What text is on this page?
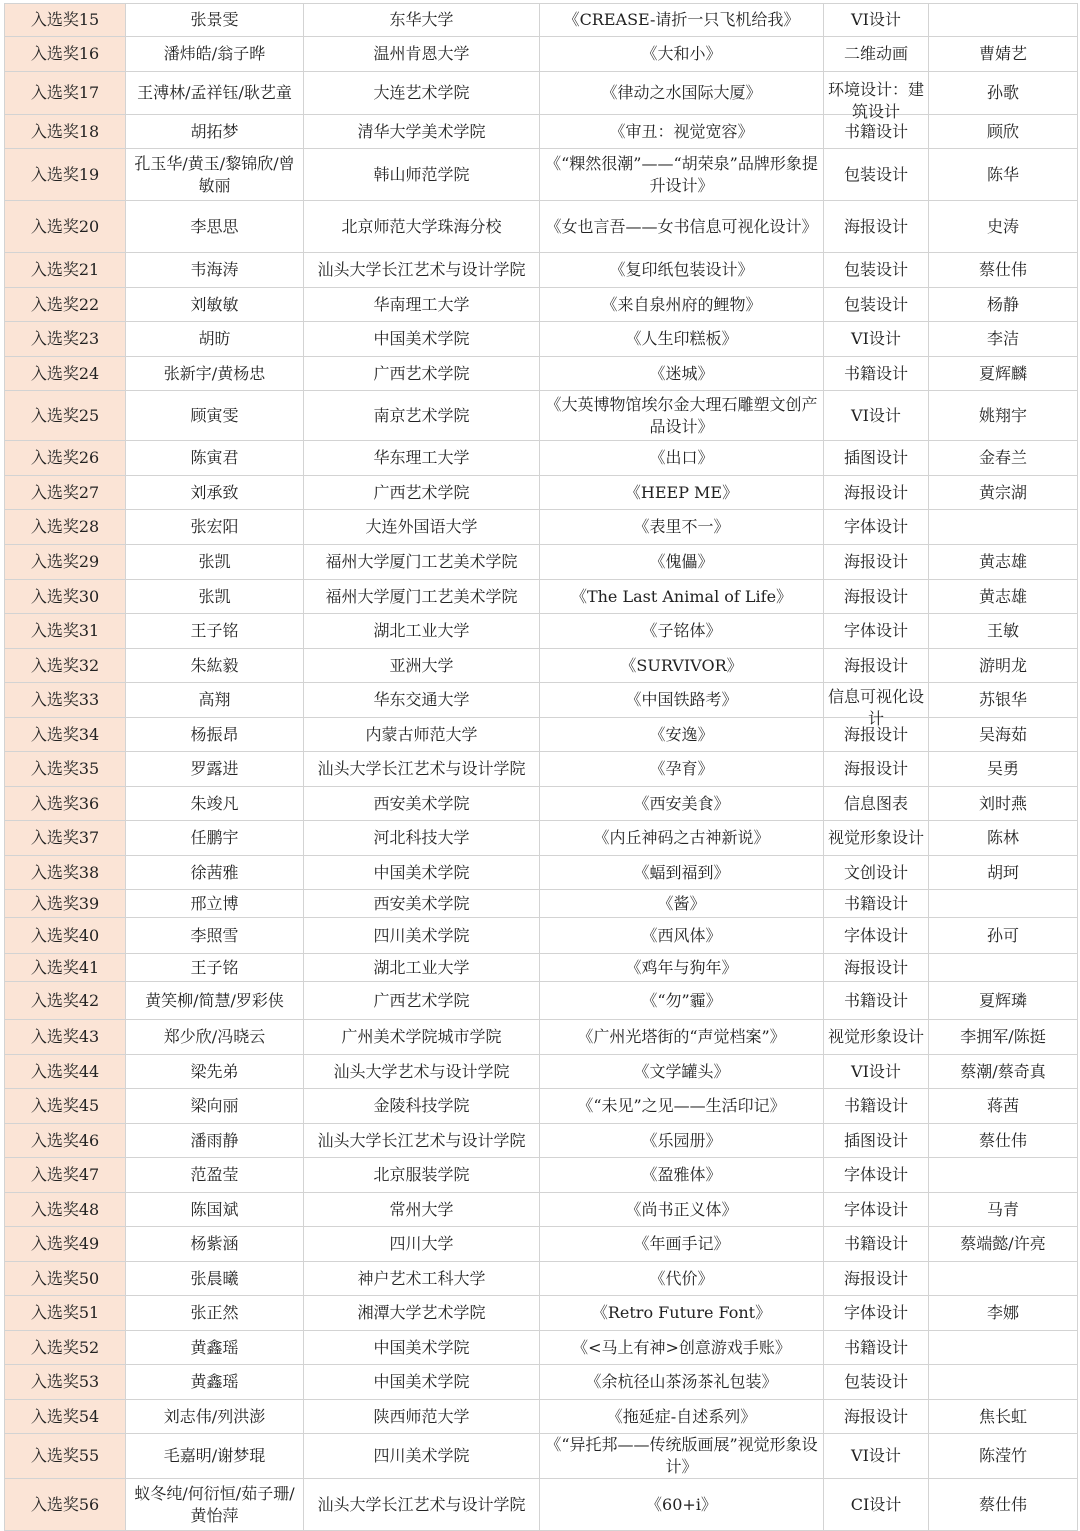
入选奖15	张景雯	东华大学	《CREASE-请折一只飞机给我》	VI设计	
入选奖16	潘炜皓/翁子晔	温州肯恩大学	《大和小》	二维动画	曹婧艺
入选奖17	王溥林/孟祥钰/耿艺童	大连艺术学院	《律动之水国际大厦》	环境设计：建筑设计	孙歌
入选奖18	胡拓梦	清华大学美术学院	《审丑：视觉宽容》	书籍设计	顾欣
入选奖19	孔玉华/黄玉/黎锦欣/曾敏丽	韩山师范学院	《“粿然很潮”——“胡荣泉”品牌形象提升设计》	包装设计	陈华
入选奖20	李思思	北京师范大学珠海分校	《女也言吾——女书信息可视化设计》	海报设计	史涛
入选奖21	韦海涛	汕头大学长江艺术与设计学院	《复印纸包装设计》	包装设计	蔡仕伟
入选奖22	刘敏敏	华南理工大学	《来自泉州府的鲤物》	包装设计	杨静
入选奖23	胡昉	中国美术学院	《人生印糕板》	VI设计	李洁
入选奖24	张新宇/黄杨忠	广西艺术学院	《迷城》	书籍设计	夏辉麟
入选奖25	顾寅雯	南京艺术学院	《大英博物馆埃尔金大理石雕塑文创产品设计》	VI设计	姚翔宇
入选奖26	陈寅君	华东理工大学	《出口》	插图设计	金春兰
入选奖27	刘承致	广西艺术学院	《HEEP ME》	海报设计	黄宗湖
入选奖28	张宏阳	大连外国语大学	《表里不一》	字体设计	
入选奖29	张凯	福州大学厦门工艺美术学院	《傀儡》	海报设计	黄志雄
入选奖30	张凯	福州大学厦门工艺美术学院	《The Last Animal of Life》	海报设计	黄志雄
入选奖31	王子铭	湖北工业大学	《子铭体》	字体设计	王敏
入选奖32	朱紘毅	亚洲大学	《SURVIVOR》	海报设计	游明龙
入选奖33	高翔	华东交通大学	《中国铁路考》	信息可视化设计	苏银华
入选奖34	杨振昂	内蒙古师范大学	《安逸》	海报设计	吴海茹
入选奖35	罗露进	汕头大学长江艺术与设计学院	《孕育》	海报设计	吴勇
入选奖36	朱竣凡	西安美术学院	《西安美食》	信息图表	刘时燕
入选奖37	任鹏宇	河北科技大学	《内丘神码之古神新说》	视觉形象设计	陈林
入选奖38	徐茜雅	中国美术学院	《蝠到福到》	文创设计	胡珂
入选奖39	邢立博	西安美术学院	《酱》	书籍设计	
入选奖40	李照雪	四川美术学院	《西风体》	字体设计	孙可
入选奖41	王子铭	湖北工业大学	《鸡年与狗年》	海报设计	
入选奖42	黄笑柳/简慧/罗彩侠	广西艺术学院	《“勿”霾》	书籍设计	夏辉璘
入选奖43	郑少欣/冯晓云	广州美术学院城市学院	《广州光塔街的“声觉档案”》	视觉形象设计	李拥军/陈挺
入选奖44	梁先弟	汕头大学艺术与设计学院	《文学罐头》	VI设计	蔡潮/蔡奇真
入选奖45	梁向丽	金陵科技学院	《“未见”之见——生活印记》	书籍设计	蒋茜
入选奖46	潘雨静	汕头大学长江艺术与设计学院	《乐园册》	插图设计	蔡仕伟
入选奖47	范盈莹	北京服装学院	《盈雅体》	字体设计	
入选奖48	陈国斌	常州大学	《尚书正义体》	字体设计	马青
入选奖49	杨紫涵	四川大学	《年画手记》	书籍设计	蔡端懿/许亮
入选奖50	张晨曦	神户艺术工科大学	《代价》	海报设计	
入选奖51	张正然	湘潭大学艺术学院	《Retro Future Font》	字体设计	李娜
入选奖52	黄鑫瑶	中国美术学院	《<马上有神>创意游戏手账》	书籍设计	
入选奖53	黄鑫瑶	中国美术学院	《余杭径山茶汤茶礼包装》	包装设计	
入选奖54	刘志伟/列洪澎	陕西师范大学	《拖延症-自述系列》	海报设计	焦长虹
入选奖55	毛嘉明/谢梦琨	四川美术学院	《“异托邦——传统版画展”视觉形象设计》	VI设计	陈滢竹
入选奖56	蚁冬纯/何衍恒/茹子珊/黄怡萍	汕头大学长江艺术与设计学院	《60+i》	CI设计	蔡仕伟
